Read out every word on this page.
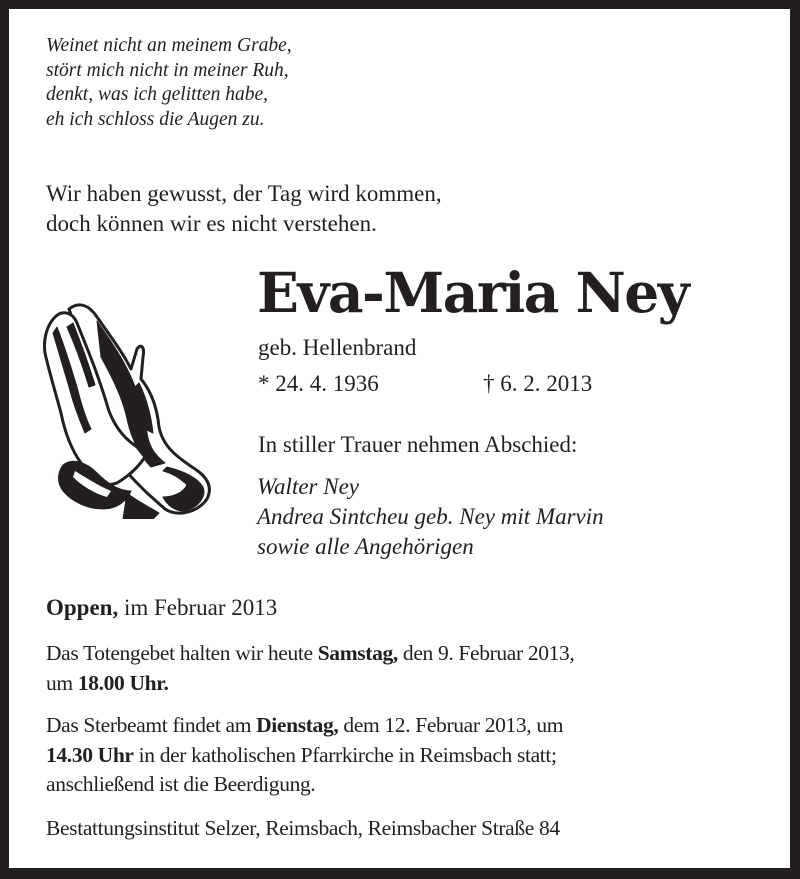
Weinet nicht an meinem Grabe,
stört mich nicht in meiner Ruh,
denkt, was ich gelitten habe,
eh ich schloss die Augen zu.
Wir haben gewusst, der Tag wird kommen,
doch können wir es nicht verstehen.
Eva-Maria Ney
geb. Hellenbrand
* 24. 4. 1936	† 6. 2. 2013
In stiller Trauer nehmen Abschied:
Walter Ney
Andrea Sintcheu geb. Ney mit Marvin
sowie alle Angehörigen
Oppen, im Februar 2013
Das Totengebet halten wir heute Samstag, den 9. Februar 2013,
um 18.00 Uhr.
Das Sterbeamt findet am Dienstag, dem 12. Februar 2013, um
14.30 Uhr in der katholischen Pfarrkirche in Reimsbach statt;
anschließend ist die Beerdigung.
Bestattungsinstitut Selzer, Reimsbach, Reimsbacher Straße 84
